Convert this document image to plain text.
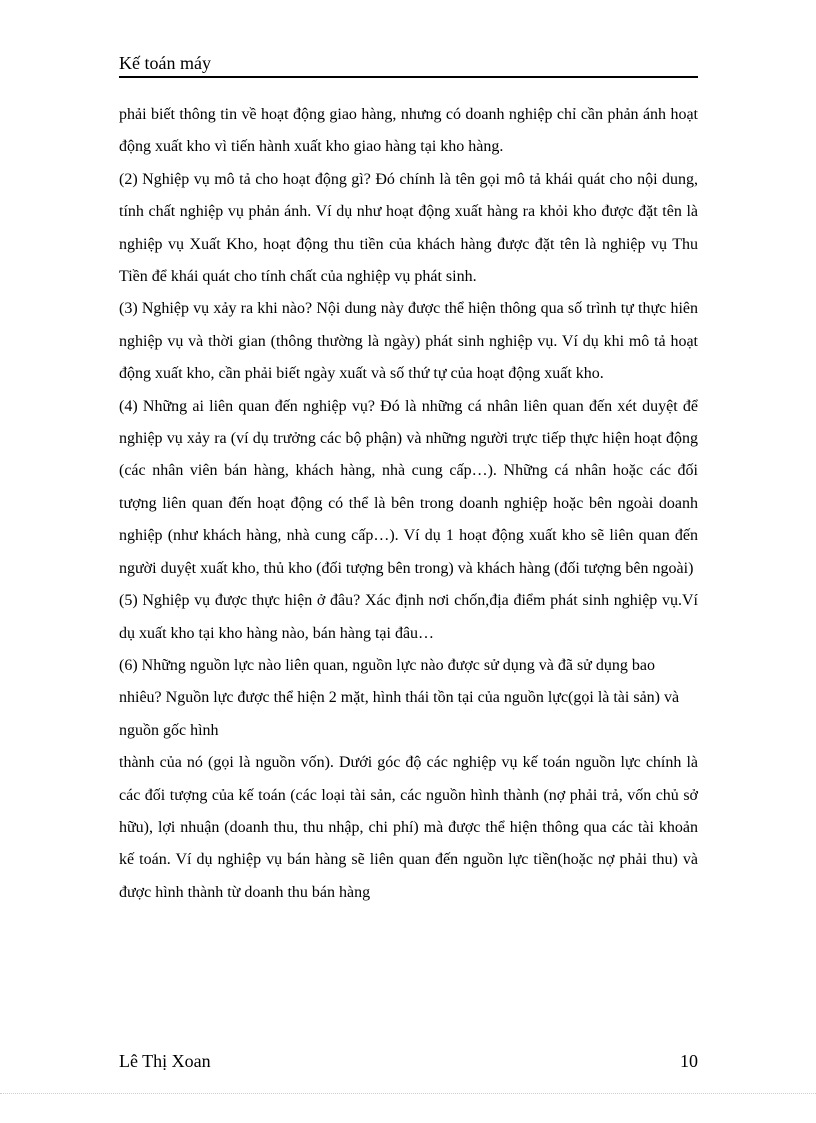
Kế toán máy

phải biết thông tin về hoạt động giao hàng, nhưng có doanh nghiệp chỉ cần phản ánh hoạt động xuất kho vì tiến hành xuất kho giao hàng tại kho hàng.

(2) Nghiệp vụ mô tả cho hoạt động gì? Đó chính là tên gọi mô tả khái quát cho nội dung, tính chất nghiệp vụ phản ánh. Ví dụ như hoạt động xuất hàng ra khỏi kho được đặt tên là nghiệp vụ Xuất Kho, hoạt động thu tiền của khách hàng được đặt tên là nghiệp vụ Thu Tiền để khái quát cho tính chất của nghiệp vụ phát sinh.

(3) Nghiệp vụ xảy ra khi nào? Nội dung này được thể hiện thông qua số trình tự thực hiên nghiệp vụ và thời gian (thông thường là ngày) phát sinh nghiệp vụ. Ví dụ khi mô tả hoạt động xuất kho, cần phải biết ngày xuất và số thứ tự của hoạt động xuất kho.

(4) Những ai liên quan đến nghiệp vụ? Đó là những cá nhân liên quan đến xét duyệt để nghiệp vụ xảy ra (ví dụ trưởng các bộ phận) và những người trực tiếp thực hiện hoạt động (các nhân viên bán hàng, khách hàng, nhà cung cấp…). Những cá nhân hoặc các đối tượng liên quan đến hoạt động có thể là bên trong doanh nghiệp hoặc bên ngoài doanh nghiệp (như khách hàng, nhà cung cấp…). Ví dụ 1 hoạt động xuất kho sẽ liên quan đến người duyệt xuất kho, thủ kho (đối tượng bên trong) và khách hàng (đối tượng bên ngoài)

(5) Nghiệp vụ được thực hiện ở đâu? Xác định nơi chốn,địa điểm phát sinh nghiệp vụ.Ví dụ xuất kho tại kho hàng nào, bán hàng tại đâu…

(6) Những nguồn lực nào liên quan, nguồn lực nào được sử dụng và đã sử dụng bao nhiêu? Nguồn lực được thể hiện 2 mặt, hình thái tồn tại của nguồn lực(gọi là tài sản) và nguồn gốc hình

thành của nó (gọi là nguồn vốn). Dưới góc độ các nghiệp vụ kế toán nguồn lực chính là các đối tượng của kế toán (các loại tài sản, các nguồn hình thành (nợ phải trả, vốn chủ sở hữu), lợi nhuận (doanh thu, thu nhập, chi phí) mà được thể hiện thông qua các tài khoản kế toán. Ví dụ nghiệp vụ bán hàng sẽ liên quan đến nguồn lực tiền(hoặc nợ phải thu) và được hình thành từ doanh thu bán hàng

Lê Thị Xoan	10
